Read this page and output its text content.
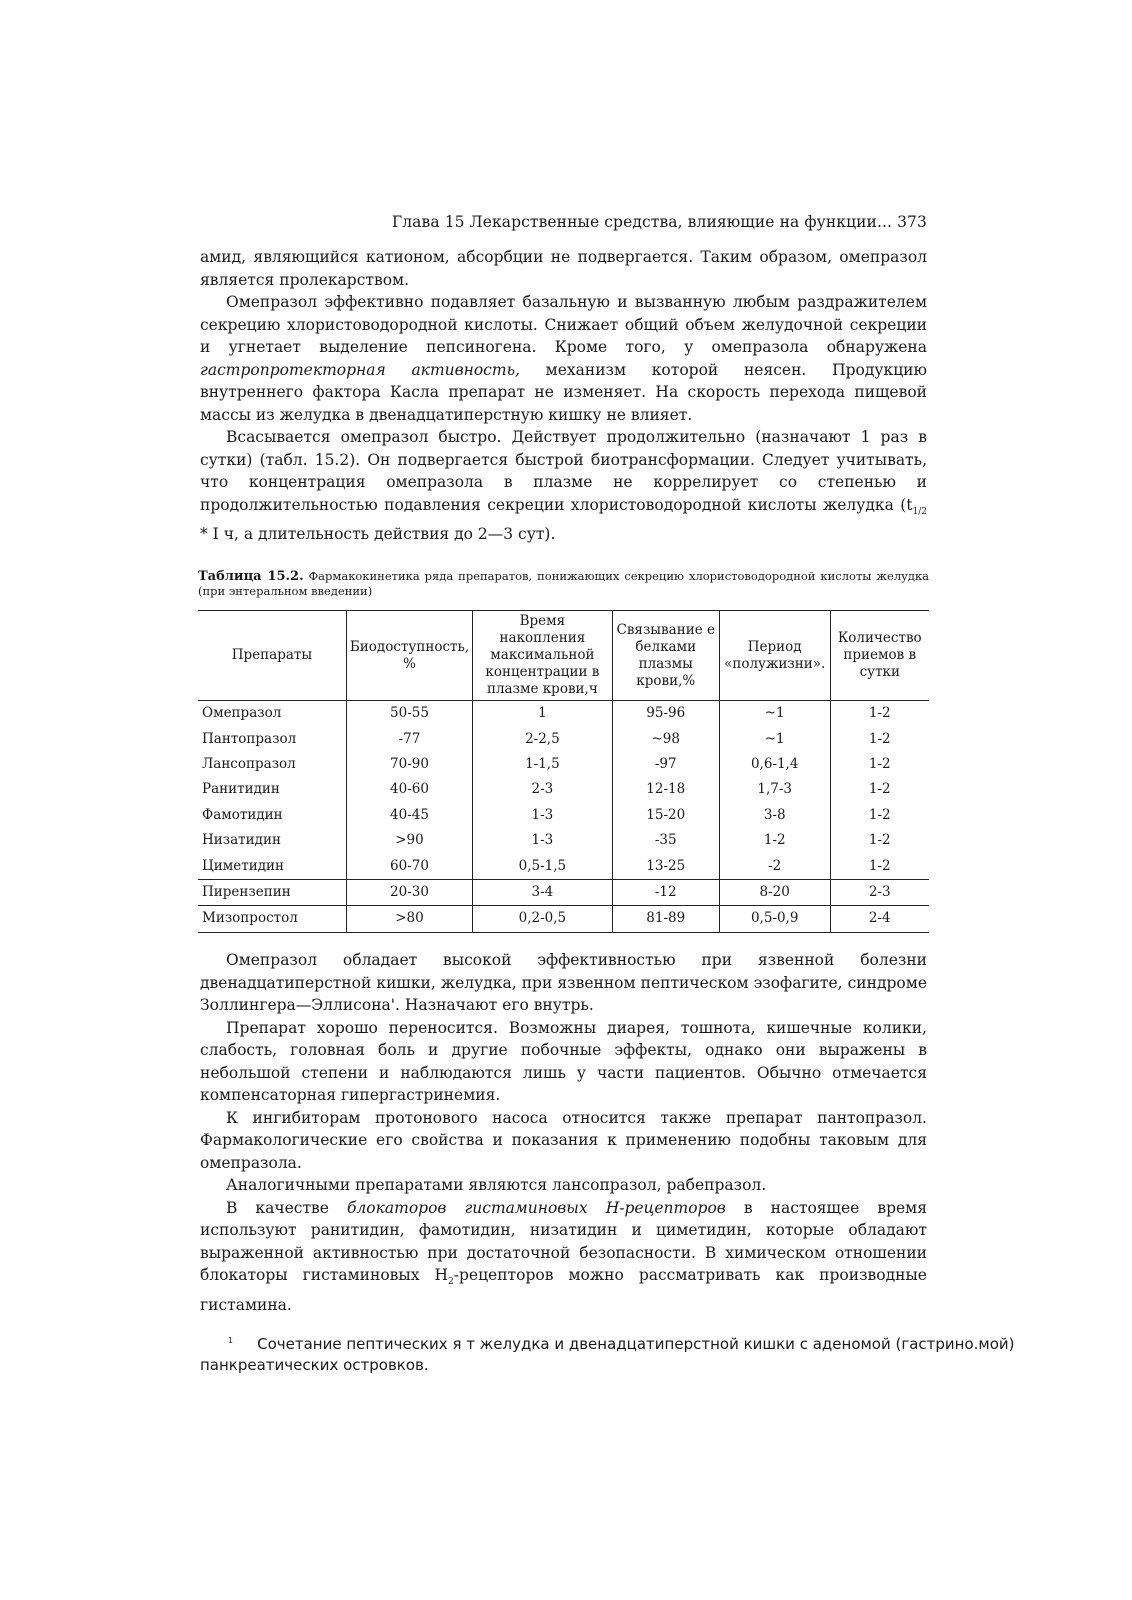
Глава 15 Лекарственные средства, влияющие на функции... 373

амид, являющийся катионом, абсорбции не подвергается. Таким образом, омепразол является пролекарством.

Омепразол эффективно подавляет базальную и вызванную любым раздражителем секрецию хлористоводородной кислоты. Снижает общий объем желудочной секреции и угнетает выделение пепсиногена. Кроме того, у омепразола обнаружена гастропротекторная активность, механизм которой неясен. Продукцию внутреннего фактора Касла препарат не изменяет. На скорость перехода пищевой массы из желудка в двенадцатиперстную кишку не влияет.

Всасывается омепразол быстро. Действует продолжительно (назначают 1 раз в сутки) (табл. 15.2). Он подвергается быстрой биотрансформации. Следует учитывать, что концентрация омепразола в плазме не коррелирует со степенью и продолжительностью подавления секреции хлористоводородной кислоты желудка ($t_{1/2}$ * I ч, а длительность действия до 2—3 сут).

Таблица 15.2. Фармакокинетика ряда препаратов, понижающих секрецию хлористоводородной кислоты желудка (при энтеральном введении)
Препараты	Биодоступность, %	Время накопления максимальной концентрации в плазме крови,ч	Связывание е белками плазмы крови,%	Период «полужизни».	Количество приемов в сутки
Омепразол	50-55	1	95-96	~1	1-2
Пантопразол	-77	2-2,5	~98	~1	1-2
Лансопразол	70-90	1-1,5	-97	0,6-1,4	1-2
Ранитидин	40-60	2-3	12-18	1,7-3	1-2
Фамотидин	40-45	1-3	15-20	3-8	1-2
Низатидин	>90	1-3	-35	1-2	1-2
Циметидин	60-70	0,5-1,5	13-25	-2	1-2
Пирензепин	20-30	3-4	-12	8-20	2-3
Мизопростол	>80	0,2-0,5	81-89	0,5-0,9	2-4

Омепразол обладает высокой эффективностью при язвенной болезни двенадцатиперстной кишки, желудка, при язвенном пептическом эзофагите, синдроме Золлингера—Эллисона'. Назначают его внутрь.

Препарат хорошо переносится. Возможны диарея, тошнота, кишечные колики, слабость, головная боль и другие побочные эффекты, однако они выражены в небольшой степени и наблюдаются лишь у части пациентов. Обычно отмечается компенсаторная гипергастринемия.

К ингибиторам протонового насоса относится также препарат пантопразол. Фармакологические его свойства и показания к применению подобны таковым для омепразола.

Аналогичными препаратами являются лансопразол, рабепразол.

В качестве блокаторов гистаминовых Н-рецепторов в настоящее время используют ранитидин, фамотидин, низатидин и циметидин, которые обладают выраженной активностью при достаточной безопасности. В химическом отношении блокаторы гистаминовых $Н_2$-рецепторов можно рассматривать как производные гистамина.

$^1$ Сочетание пептических я т желудка и двенадцатиперстной кишки с аденомой (гастрино.мой) панкреатических островков.
